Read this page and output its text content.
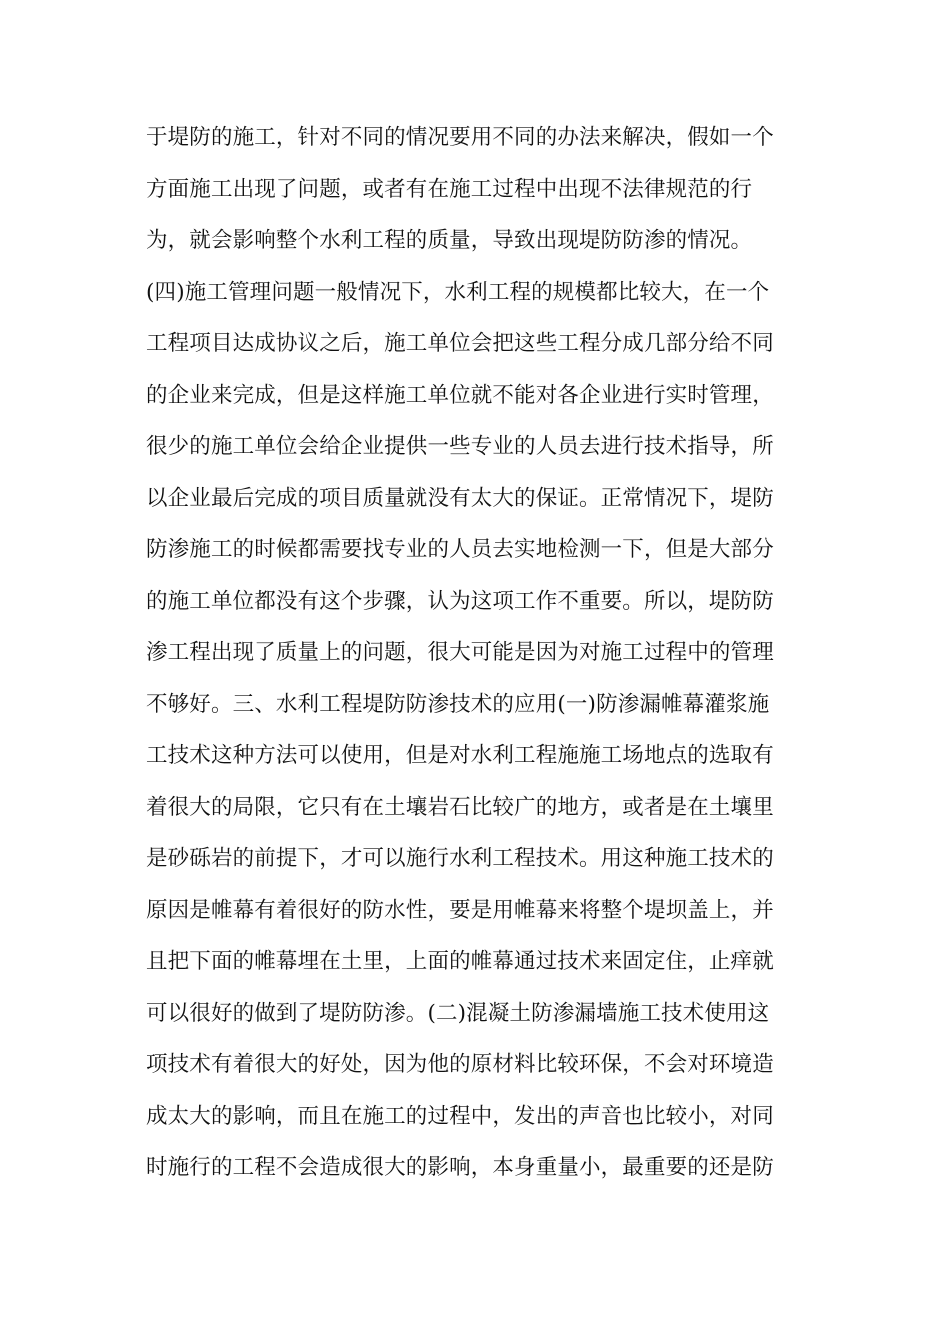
于堤防的施工，针对不同的情况要用不同的办法来解决，假如一个
方面施工出现了问题，或者有在施工过程中出现不法律规范的行
为，就会影响整个水利工程的质量，导致出现堤防防渗的情况。
(四)施工管理问题一般情况下，水利工程的规模都比较大，在一个
工程项目达成协议之后，施工单位会把这些工程分成几部分给不同
的企业来完成，但是这样施工单位就不能对各企业进行实时管理，
很少的施工单位会给企业提供一些专业的人员去进行技术指导，所
以企业最后完成的项目质量就没有太大的保证。正常情况下，堤防
防渗施工的时候都需要找专业的人员去实地检测一下，但是大部分
的施工单位都没有这个步骤，认为这项工作不重要。所以，堤防防
渗工程出现了质量上的问题，很大可能是因为对施工过程中的管理
不够好。三、水利工程堤防防渗技术的应用(一)防渗漏帷幕灌浆施
工技术这种方法可以使用，但是对水利工程施施工场地点的选取有
着很大的局限，它只有在土壤岩石比较广的地方，或者是在土壤里
是砂砾岩的前提下，才可以施行水利工程技术。用这种施工技术的
原因是帷幕有着很好的防水性，要是用帷幕来将整个堤坝盖上，并
且把下面的帷幕埋在土里，上面的帷幕通过技术来固定住，止痒就
可以很好的做到了堤防防渗。(二)混凝土防渗漏墙施工技术使用这
项技术有着很大的好处，因为他的原材料比较环保，不会对环境造
成太大的影响，而且在施工的过程中，发出的声音也比较小，对同
时施行的工程不会造成很大的影响，本身重量小，最重要的还是防
